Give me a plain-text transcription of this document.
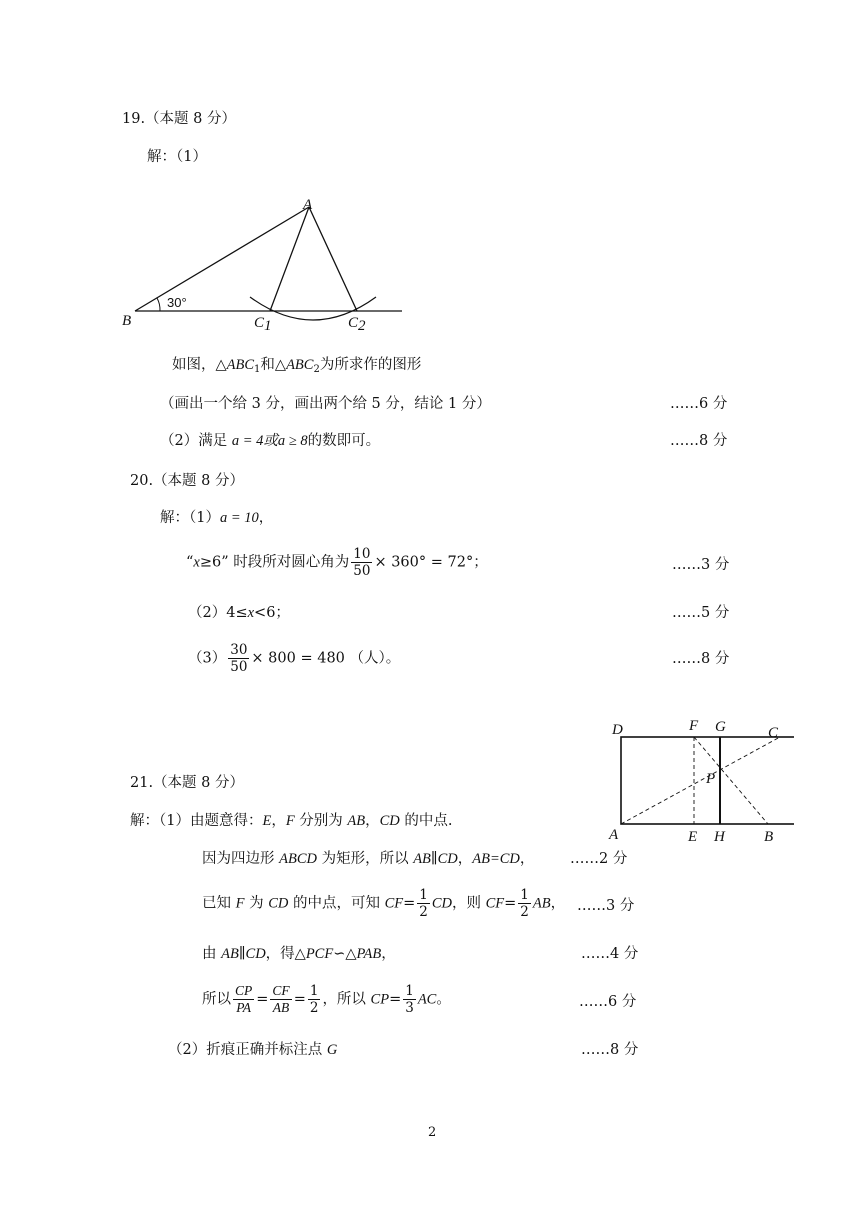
19.（本题 8 分）
解：（1）
A
B
30°
C1	C2
如图，$\triangle ABC_1$和$\triangle ABC_2$为所求作的图形
（画出一个给 3 分，画出两个给 5 分，结论 1 分）	……6 分
（2）满足 a = 4或a ≥ 8的数即可。	……8 分
20.（本题 8 分）
解：（1）a = 10，
“x≥6” 时段所对圆心角为 $\frac{10}{50} \times 360^\circ = 72^\circ$；	……3 分
（2）4≤x<6；	……5 分
$(3) \frac{30}{50} \times 800 = 480$ （人）。	……8 分
D	F G	C
P
A	E H	B
21.（本题 8 分）
解：（1）由题意得：E，F 分别为 AB，CD 的中点.
因为四边形 ABCD 为矩形，所以 AB∥CD，AB=CD， ……2 分
已知 F 为 CD 的中点，可知 $CF= \frac{1}{2}$ CD，则 $CF= \frac{1}{2}$ AB， ……3 分
由 AB∥CD，得△PCF∽△PAB，	……4 分
所以 $\frac{CP}{PA} = \frac{CF}{AB} = \frac{1}{2}$ ，所以 $CP= \frac{1}{3}$ AC。	……6 分
（2）折痕正确并标注点 G	……8 分
2
